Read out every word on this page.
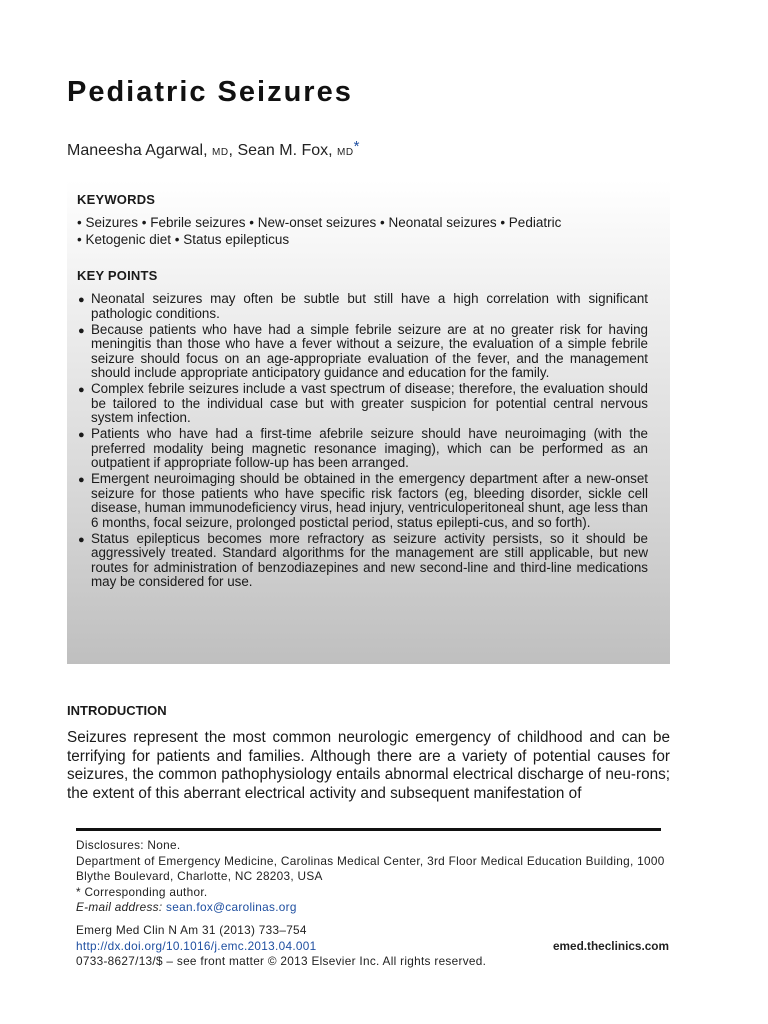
Pediatric Seizures
Maneesha Agarwal, MD, Sean M. Fox, MD*
KEYWORDS

• Seizures • Febrile seizures • New-onset seizures • Neonatal seizures • Pediatric

• Ketogenic diet • Status epilepticus

KEY POINTS
● Neonatal seizures may often be subtle but still have a high correlation with significant pathologic conditions.
● Because patients who have had a simple febrile seizure are at no greater risk for having meningitis than those who have a fever without a seizure, the evaluation of a simple febrile seizure should focus on an age-appropriate evaluation of the fever, and the management should include appropriate anticipatory guidance and education for the family.
● Complex febrile seizures include a vast spectrum of disease; therefore, the evaluation should be tailored to the individual case but with greater suspicion for potential central nervous system infection.
● Patients who have had a first-time afebrile seizure should have neuroimaging (with the preferred modality being magnetic resonance imaging), which can be performed as an outpatient if appropriate follow-up has been arranged.
● Emergent neuroimaging should be obtained in the emergency department after a new-onset seizure for those patients who have specific risk factors (eg, bleeding disorder, sickle cell disease, human immunodeficiency virus, head injury, ventriculoperitoneal shunt, age less than 6 months, focal seizure, prolonged postictal period, status epilepti-cus, and so forth).
● Status epilepticus becomes more refractory as seizure activity persists, so it should be aggressively treated. Standard algorithms for the management are still applicable, but new routes for administration of benzodiazepines and new second-line and third-line medications may be considered for use.
INTRODUCTION

Seizures represent the most common neurologic emergency of childhood and can be terrifying for patients and families. Although there are a variety of potential causes for seizures, the common pathophysiology entails abnormal electrical discharge of neu-rons; the extent of this aberrant electrical activity and subsequent manifestation of

Disclosures: None.

Department of Emergency Medicine, Carolinas Medical Center, 3rd Floor Medical Education Building, 1000 Blythe Boulevard, Charlotte, NC 28203, USA

* Corresponding author.

E-mail address: sean.fox@carolinas.org

Emerg Med Clin N Am 31 (2013) 733–754

http://dx.doi.org/10.1016/j.emc.2013.04.001

0733-8627/13/$ – see front matter © 2013 Elsevier Inc. All rights reserved.

emed.theclinics.com
